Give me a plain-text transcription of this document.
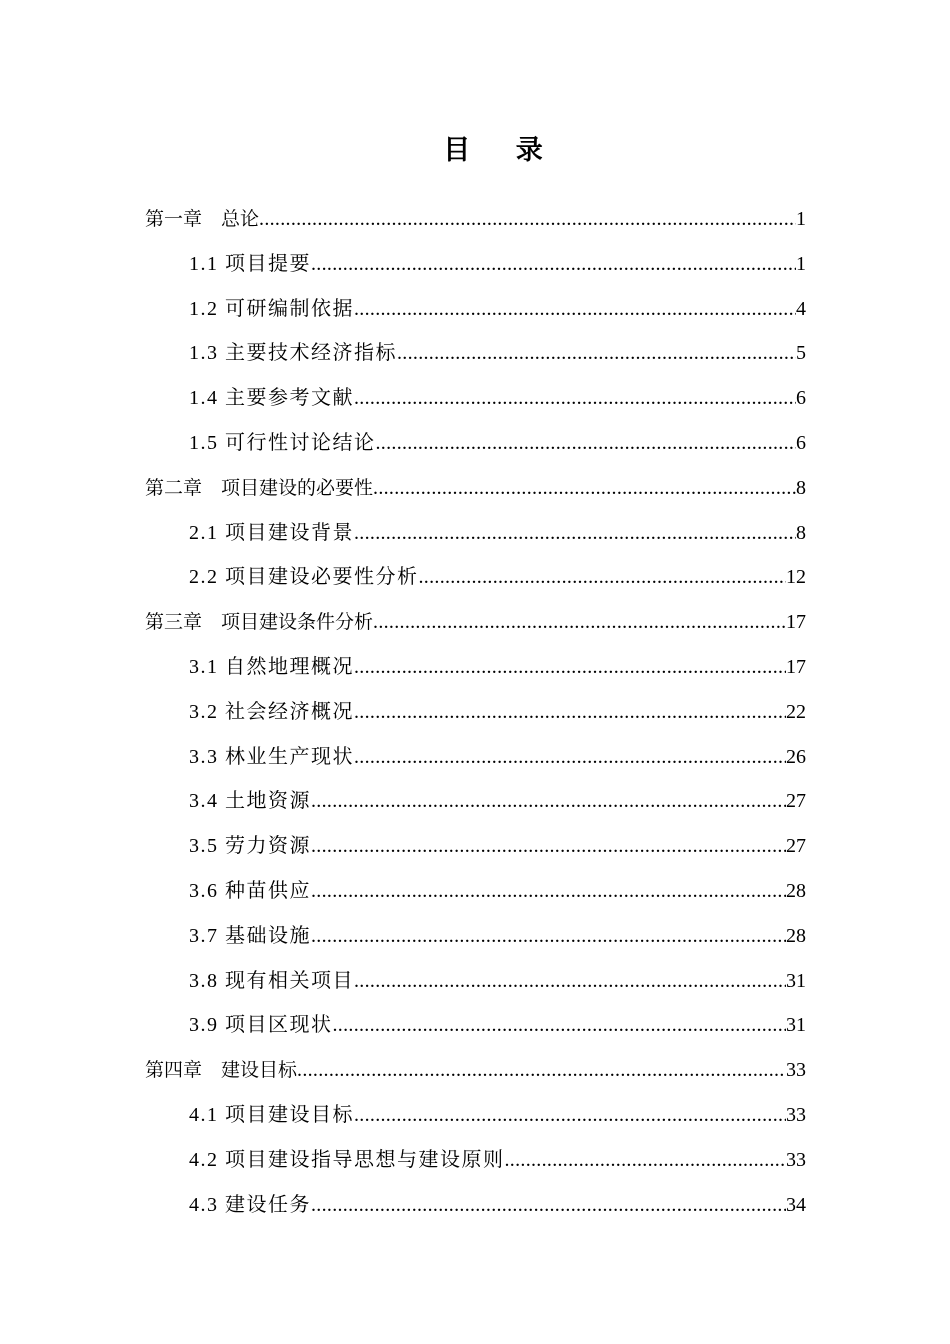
目 录
第一章　总论 .....	1
1.1 项目提要 .....	1
1.2 可研编制依据 .....	4
1.3 主要技术经济指标 .....	5
1.4 主要参考文献 .....	6
1.5 可行性讨论结论 .....	6
第二章　项目建设的必要性 .....	8
2.1 项目建设背景 .....	8
2.2 项目建设必要性分析 .....	12
第三章　项目建设条件分析 .....	17
3.1 自然地理概况 .....	17
3.2 社会经济概况 .....	22
3.3 林业生产现状 .....	26
3.4 土地资源 .....	27
3.5 劳力资源 .....	27
3.6 种苗供应 .....	28
3.7 基础设施 .....	28
3.8 现有相关项目 .....	31
3.9 项目区现状 .....	31
第四章　建设目标 .....	33
4.1 项目建设目标 .....	33
4.2 项目建设指导思想与建设原则 .....	33
4.3 建设任务 .....	34
